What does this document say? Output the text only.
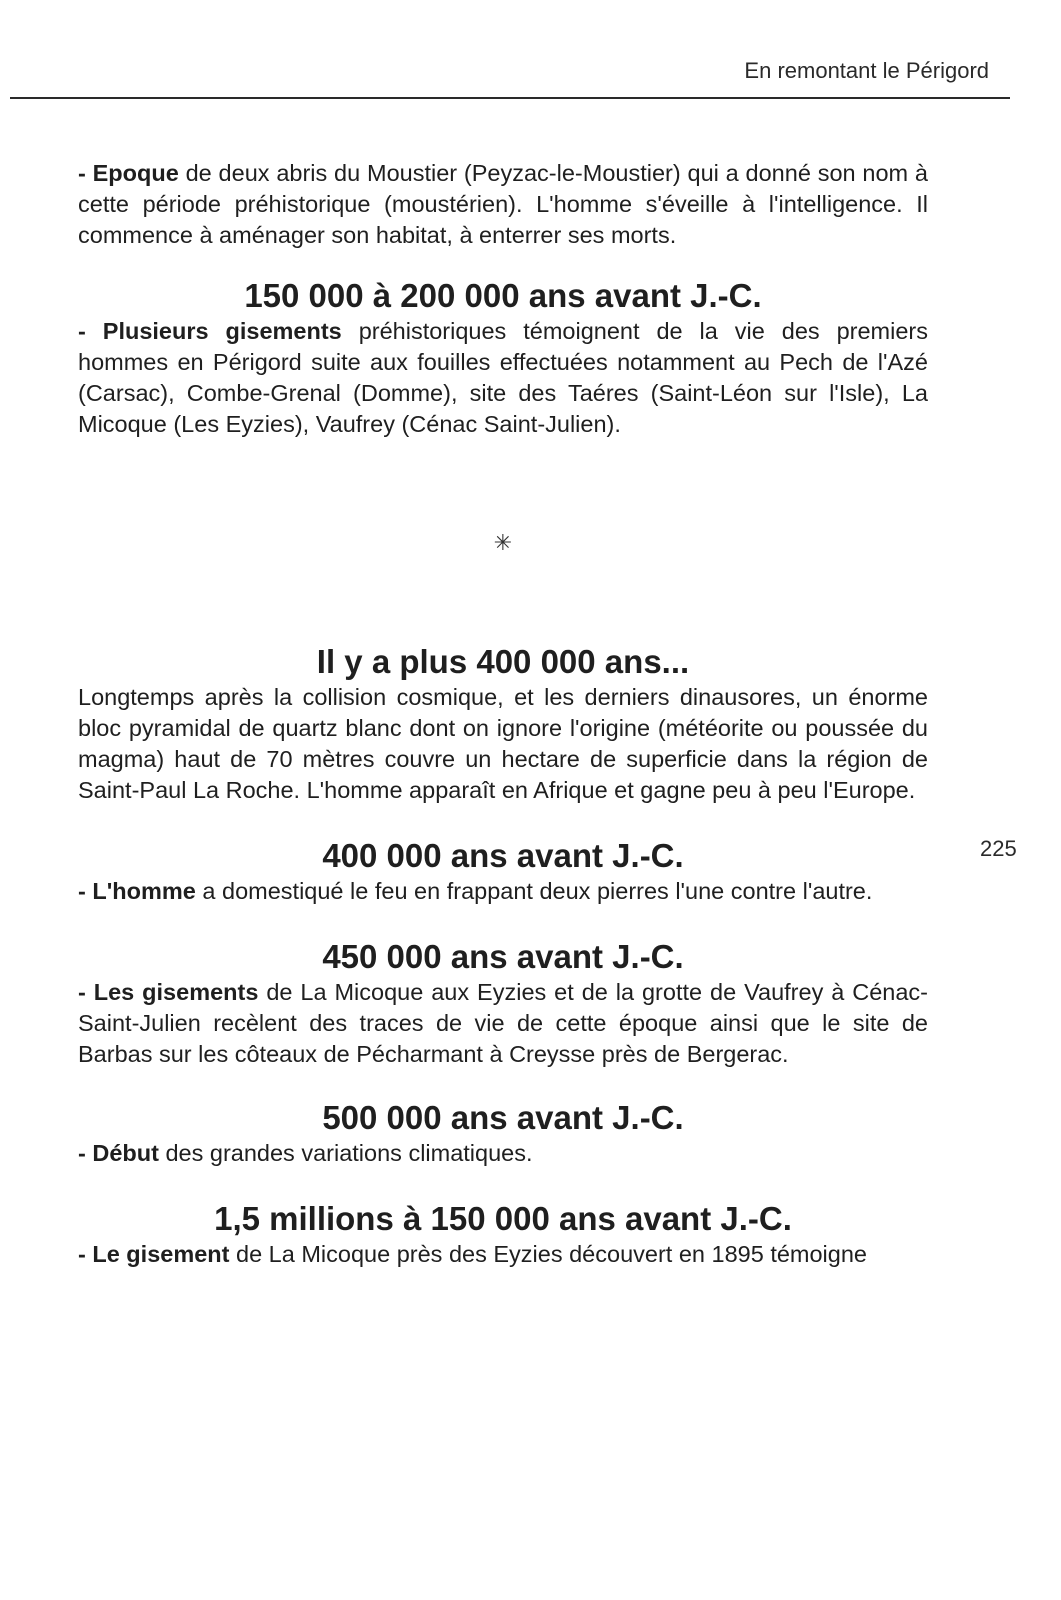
En remontant le Périgord
225

- Epoque de deux abris du Moustier (Peyzac-le-Moustier) qui a donné son nom à cette période préhistorique (moustérien). L'homme s'éveille à l'intelligence. Il commence à aménager son habitat, à enterrer ses morts.

150 000 à 200 000 ans avant J.-C.

- Plusieurs gisements préhistoriques témoignent de la vie des premiers hommes en Périgord suite aux fouilles effectuées notamment au Pech de l'Azé (Carsac), Combe-Grenal (Domme), site des Taéres (Saint-Léon sur l'Isle), La Micoque (Les Eyzies), Vaufrey (Cénac Saint-Julien).

✳
Il y a plus 400 000 ans...

Longtemps après la collision cosmique, et les derniers dinausores, un énorme bloc pyramidal de quartz blanc dont on ignore l'origine (météorite ou poussée du magma) haut de 70 mètres couvre un hectare de superficie dans la région de Saint-Paul La Roche. L'homme apparaît en Afrique et gagne peu à peu l'Europe.

400 000 ans avant J.-C.

- L'homme a domestiqué le feu en frappant deux pierres l'une contre l'autre.

450 000 ans avant J.-C.

- Les gisements de La Micoque aux Eyzies et de la grotte de Vaufrey à Cénac-Saint-Julien recèlent des traces de vie de cette époque ainsi que le site de Barbas sur les côteaux de Pécharmant à Creysse près de Bergerac.

500 000 ans avant J.-C.

- Début des grandes variations climatiques.

1,5 millions à 150 000 ans avant J.-C.

- Le gisement de La Micoque près des Eyzies découvert en 1895 témoigne
